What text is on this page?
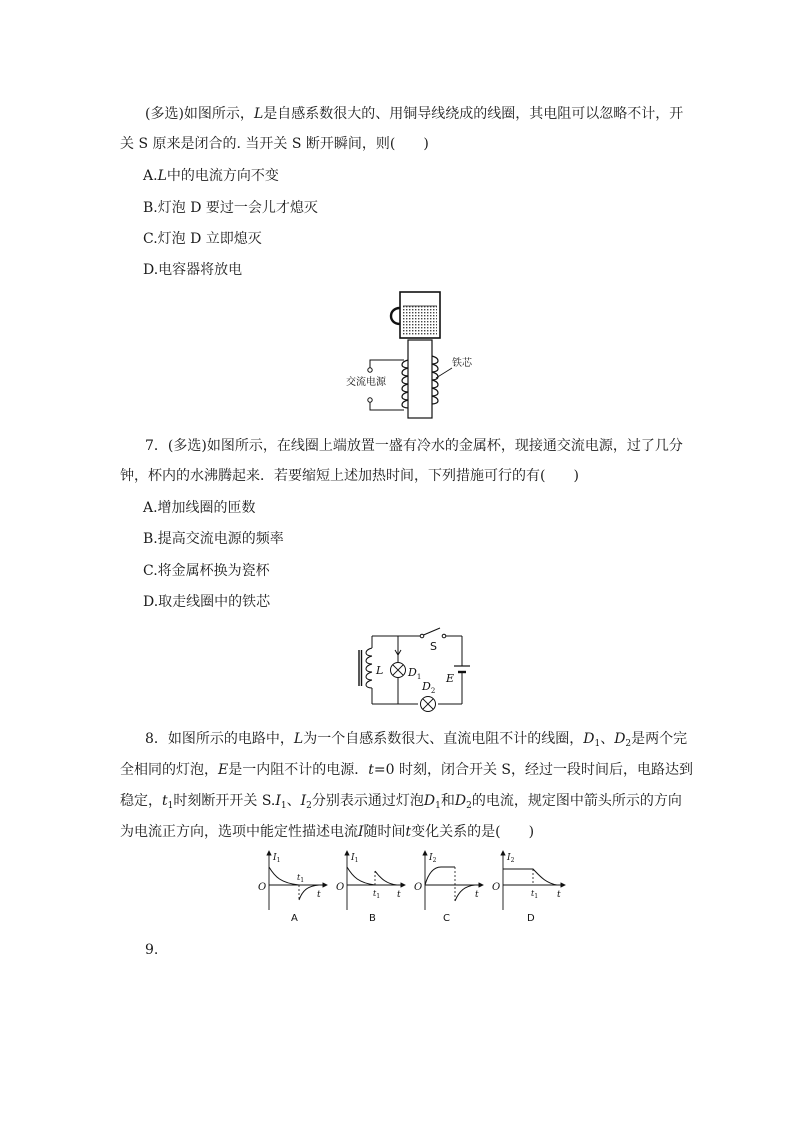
(多选)如图所示，L是自感系数很大的、用铜导线绕成的线圈，其电阻可以忽略不计，开
关 S 原来是闭合的. 当开关 S 断开瞬间，则(　　)
A.L中的电流方向不变
B.灯泡 D 要过一会儿才熄灭
C.灯泡 D 立即熄灭
D.电容器将放电
交流电源
铁芯
7．(多选)如图所示，在线圈上端放置一盛有冷水的金属杯，现接通交流电源，过了几分
钟，杯内的水沸腾起来．若要缩短上述加热时间，下列措施可行的有(　　)
A.增加线圈的匝数
B.提高交流电源的频率
C.将金属杯换为瓷杯
D.取走线圈中的铁芯
S
L $D_1$
$D_2$
E
8．如图所示的电路中，L为一个自感系数很大、直流电阻不计的线圈，$D_1$、$D_2$是两个完
全相同的灯泡，E是一内阻不计的电源．t=0 时刻，闭合开关 S，经过一段时间后，电路达到
稳定，$t_1$时刻断开开关 $S.I_1$、$I_2$分别表示通过灯泡$D_1$和$D_2$的电流，规定图中箭头所示的方向
为电流正方向，选项中能定性描述电流I随时间t变化关系的是(　　)
O
$I_1$
$t_1$
t
A
O
$I_1$
$t_1$ t
B
O
$I_2$
t
C
O
$I_2$
$t_1$ t
D
9.
